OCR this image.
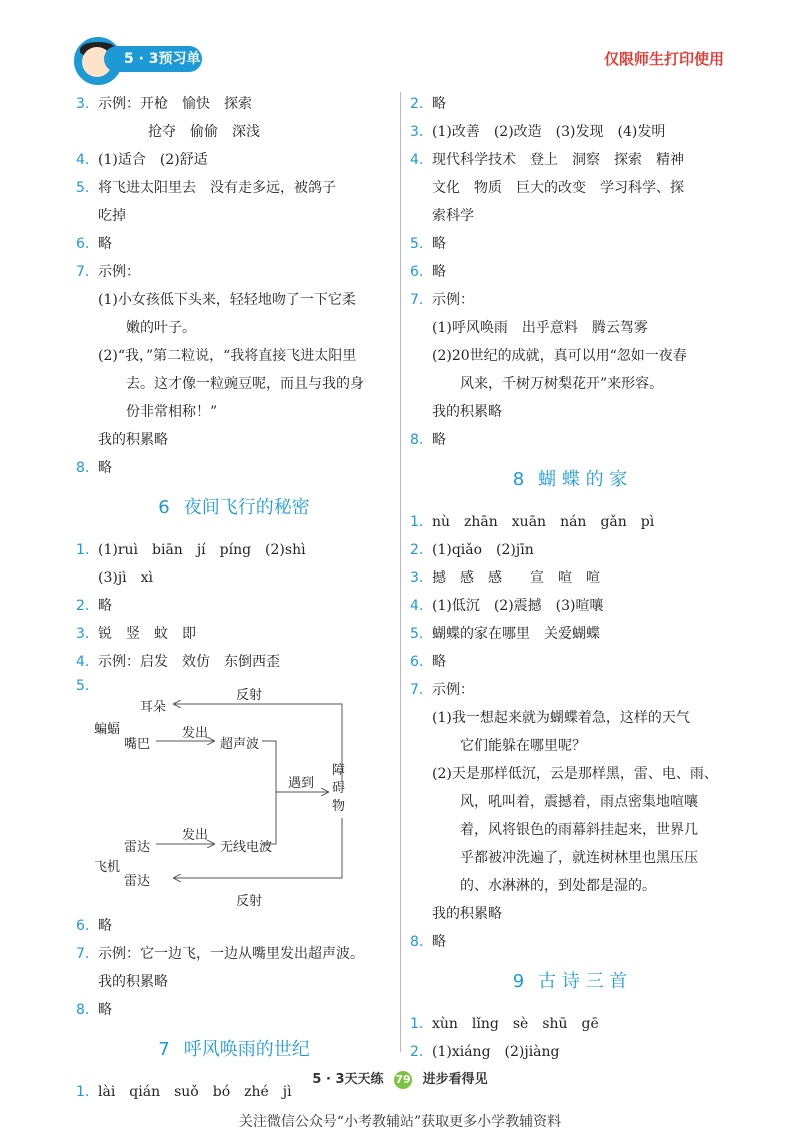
5 · 3预习单	仅限师生打印使用
3. 示例：开枪　愉快　探索
抢夺　偷偷　深浅
4. (1)适合　(2)舒适
5. 将飞进太阳里去　没有走多远，被鸽子
吃掉
6. 略
7. 示例：
(1)小女孩低下头来，轻轻地吻了一下它柔
嫩的叶子。
(2)“我，”第二粒说，“我将直接飞进太阳里
去。这才像一粒豌豆呢，而且与我的身
份非常相称！”
我的积累略
8. 略
6 夜间飞行的秘密
1. (1)ruì　biān　jí　píng　(2)shì
(3)jì　xì
2. 略
3. 锐　竖　蚊　即
4. 示例：启发　效仿　东倒西歪
5.
耳朵
反射
蝙蝠	发出
嘴巴	超声波
遇到
障碍物
发出
雷达	无线电波
飞机
雷达
反射
6. 略
7. 示例：它一边飞，一边从嘴里发出超声波。
我的积累略
8. 略
7 呼风唤雨的世纪
1. lài　qián　suǒ　bó　zhé　jì
2. 略
3. (1)改善　(2)改造　(3)发现　(4)发明
4. 现代科学技术　登上　洞察　探索　精神
文化　物质　巨大的改变　学习科学、探
索科学
5. 略
6. 略
7. 示例：
(1)呼风唤雨　出乎意料　腾云驾雾
(2)20世纪的成就，真可以用“忽如一夜春
风来，千树万树梨花开”来形容。
我的积累略
8. 略
8 蝴 蝶 的 家
1. nù　zhān　xuān　nán　gǎn　pì
2. (1)qiǎo　(2)jīn
3. 撼　感　感　　宣　喧　喧
4. (1)低沉　(2)震撼　(3)喧嚷
5. 蝴蝶的家在哪里　关爱蝴蝶
6. 略
7. 示例：
(1)我一想起来就为蝴蝶着急，这样的天气
它们能躲在哪里呢？
(2)天是那样低沉，云是那样黑，雷、电、雨、
风，吼叫着，震撼着，雨点密集地喧嚷
着，风将银色的雨幕斜挂起来，世界几
乎都被冲洗遍了，就连树林里也黑压压
的、水淋淋的，到处都是湿的。
我的积累略
8. 略
9 古 诗 三 首
1. xùn　lǐng　sè　shū　gē
2. (1)xiáng　(2)jiàng
5 · 3天天练 79 进步看得见
关注微信公众号“小考教辅站”获取更多小学教辅资料
